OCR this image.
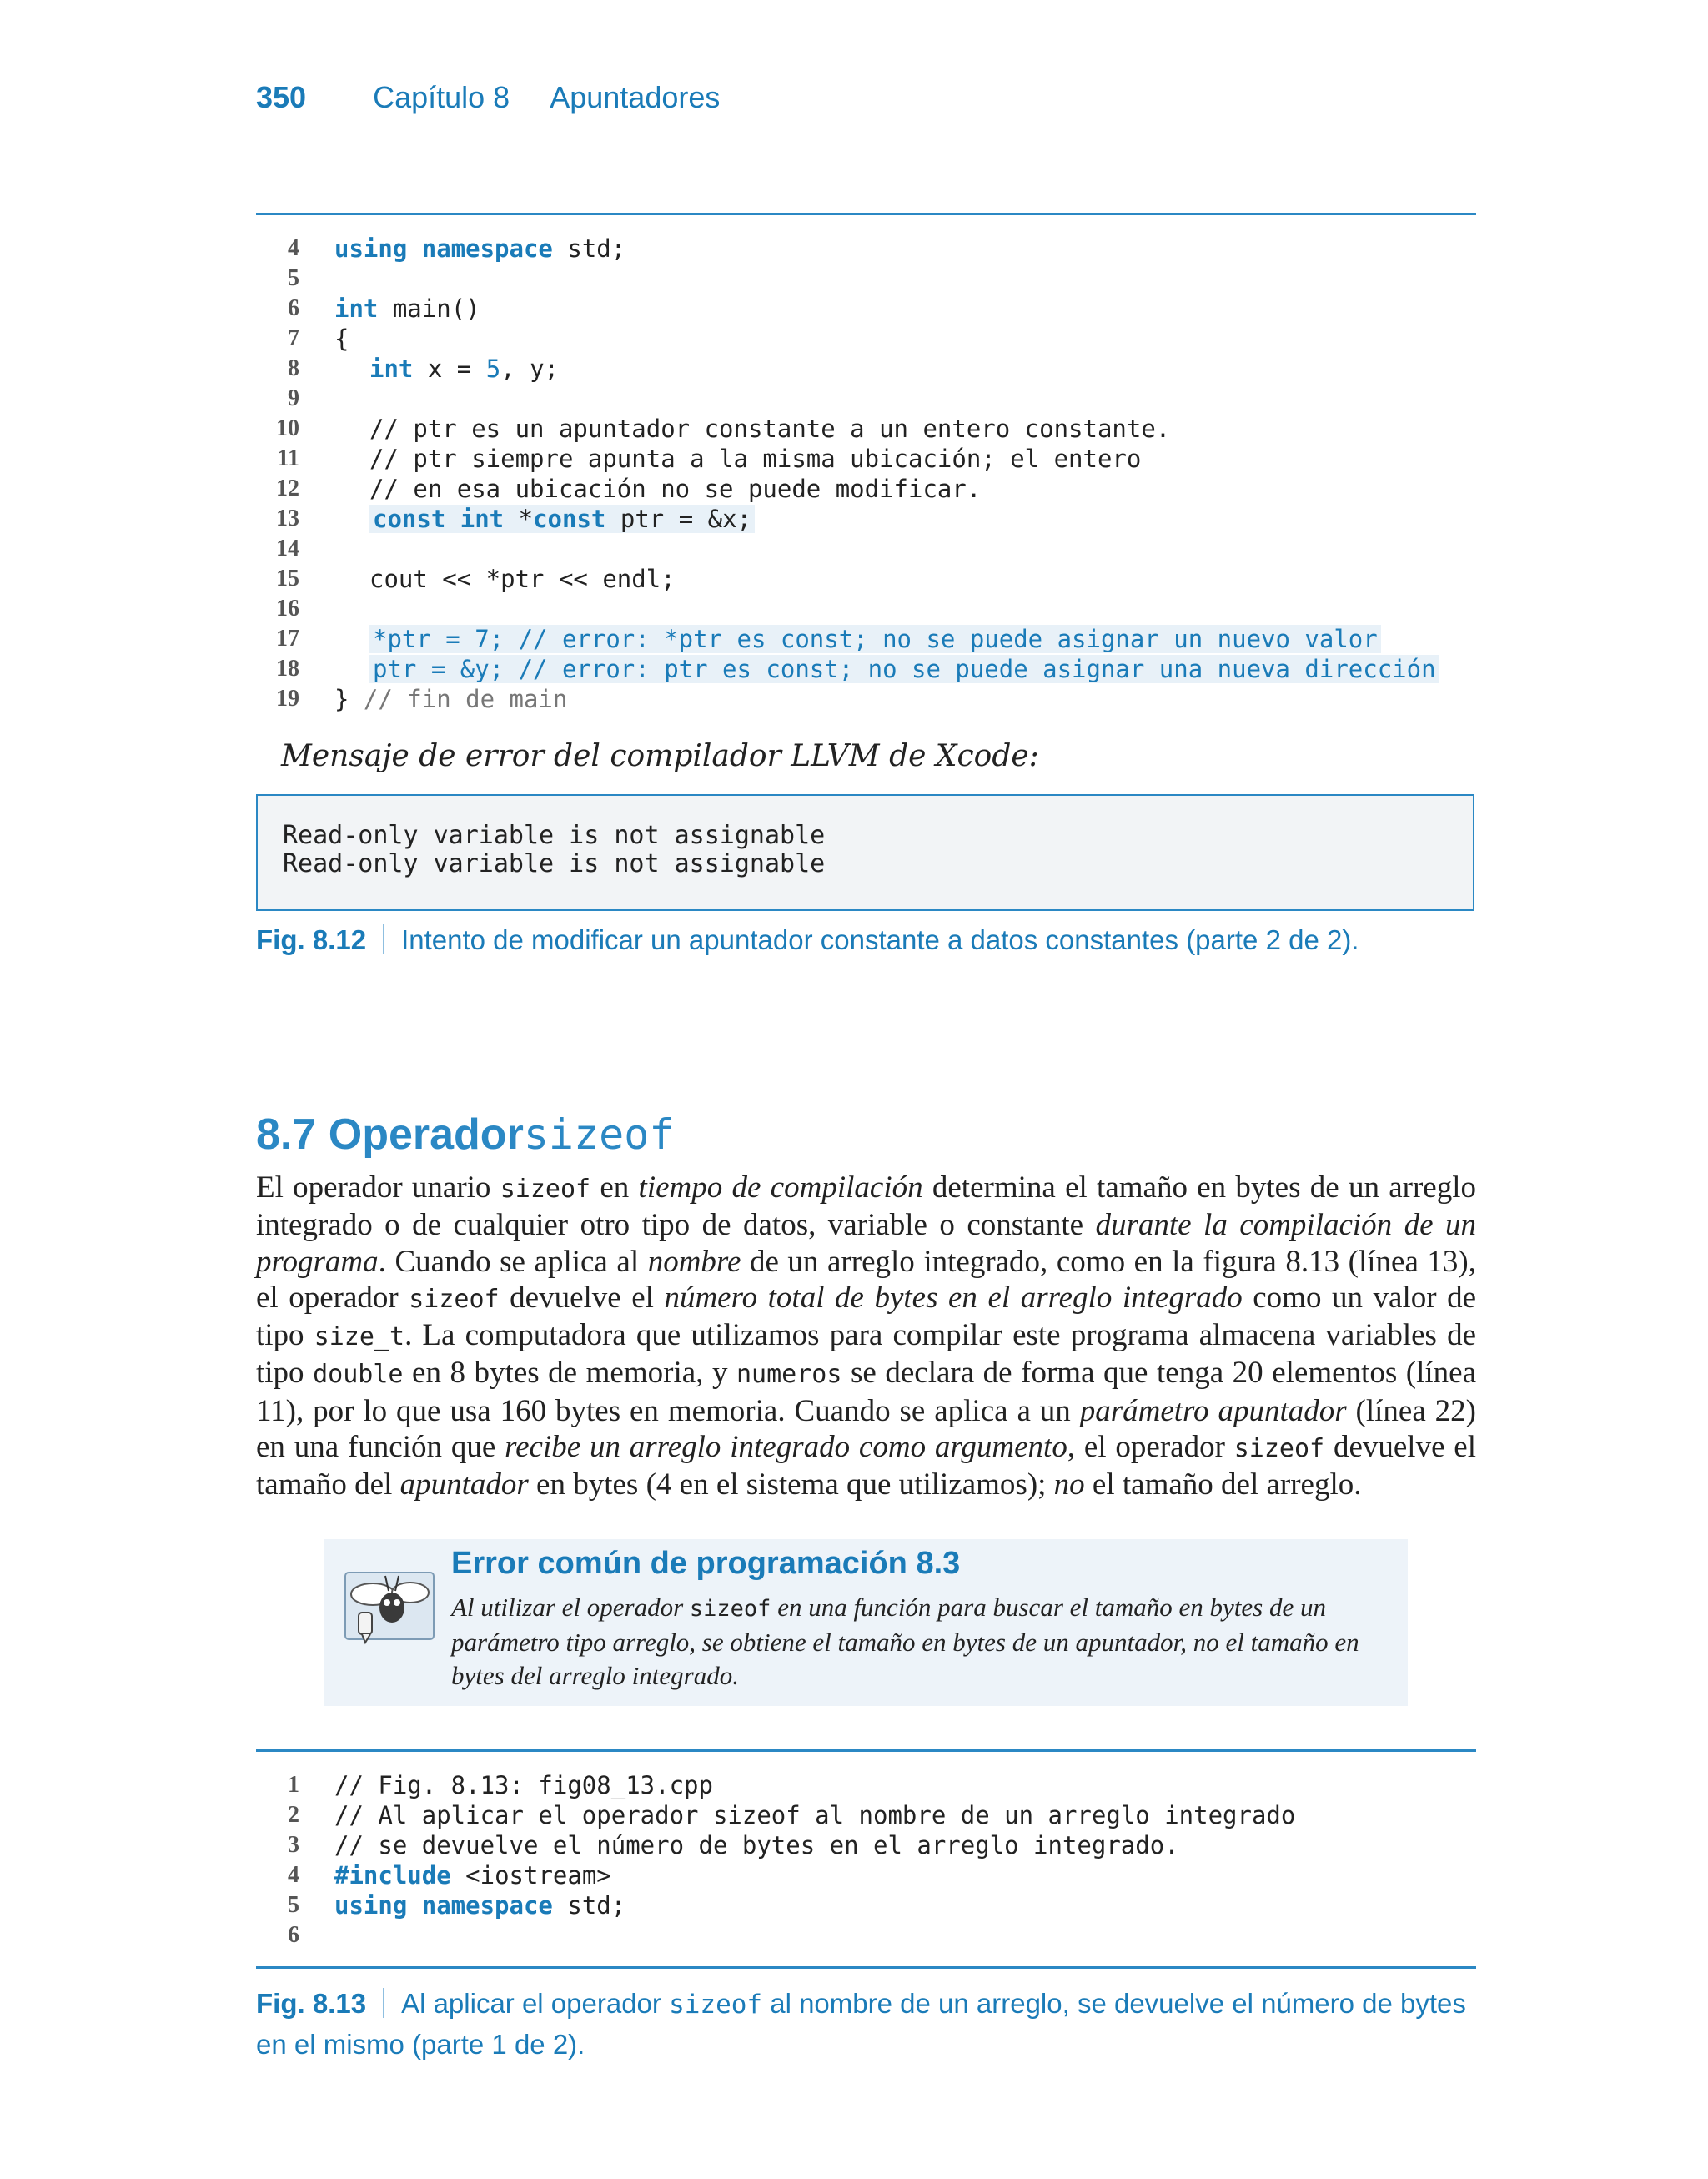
350 Capítulo 8 Apuntadores
4 using namespace std;
5
6 int main()
7 {
8	int x = 5, y;
9
10	// ptr es un apuntador constante a un entero constante.
11	// ptr siempre apunta a la misma ubicación; el entero
12	// en esa ubicación no se puede modificar.
13	const int *const ptr = &x;
14
15	cout << *ptr << endl;
16
17	*ptr = 7; // error: *ptr es const; no se puede asignar un nuevo valor
18	ptr = &y; // error: ptr es const; no se puede asignar una nueva dirección
19 } // fin de main
Mensaje de error del compilador LLVM de Xcode:
Read-only variable is not assignable
Read-only variable is not assignable
Fig. 8.12 Intento de modificar un apuntador constante a datos constantes (parte 2 de 2).
8.7 Operadorsizeof
El operador unario sizeof en tiempo de compilación determina el tamaño en bytes de un arreglo integrado o de cualquier otro tipo de datos, variable o constante durante la compilación de un programa. Cuando se aplica al nombre de un arreglo integrado, como en la figura 8.13 (línea 13), el operador sizeof devuelve el número total de bytes en el arreglo integrado como un valor de tipo size_t. La computadora que utilizamos para compilar este programa almacena variables de tipo double en 8 bytes de memoria, y numeros se declara de forma que tenga 20 elementos (línea 11), por lo que usa 160 bytes en memoria. Cuando se aplica a un parámetro apuntador (línea 22) en una función que recibe un arreglo integrado como argumento, el operador sizeof devuelve el tamaño del apuntador en bytes (4 en el sistema que utilizamos); no el tamaño del arreglo.
Error común de programación 8.3
Al utilizar el operador sizeof en una función para buscar el tamaño en bytes de un parámetro tipo arreglo, se obtiene el tamaño en bytes de un apuntador, no el tamaño en bytes del arreglo integrado.
1 // Fig. 8.13: fig08_13.cpp
2 // Al aplicar el operador sizeof al nombre de un arreglo integrado
3 // se devuelve el número de bytes en el arreglo integrado.
4 #include <iostream>
5 using namespace std;
6
Fig. 8.13 Al aplicar el operador sizeof al nombre de un arreglo, se devuelve el número de bytes
en el mismo (parte 1 de 2).
